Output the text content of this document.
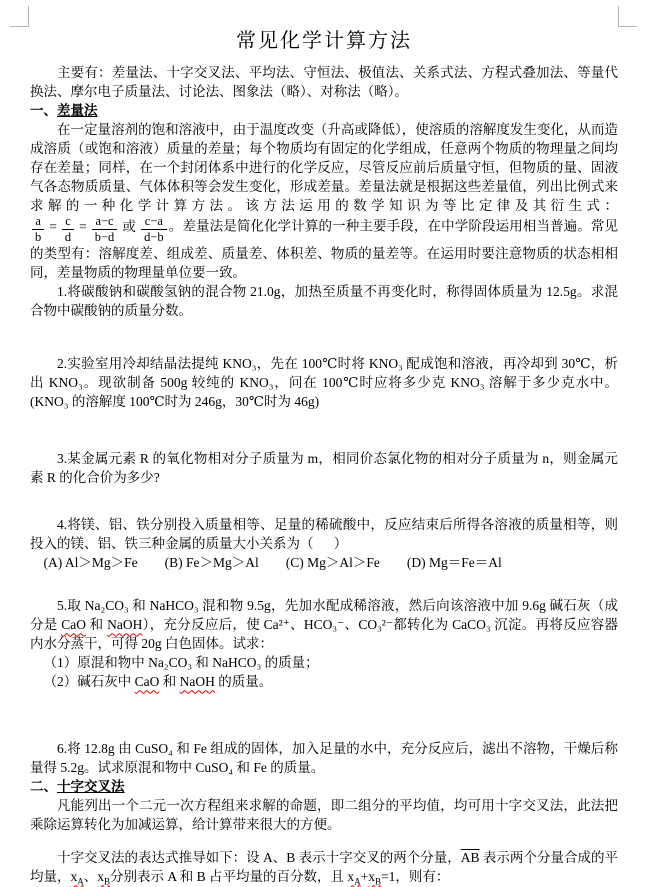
常见化学计算方法

主要有：差量法、十字交叉法、平均法、守恒法、极值法、关系式法、方程式叠加法、等量代换法、摩尔电子质量法、讨论法、图象法（略）、对称法（略）。

一、差量法

在一定量溶剂的饱和溶液中，由于温度改变（升高或降低），使溶质的溶解度发生变化，从而造成溶质（或饱和溶液）质量的差量；每个物质均有固定的化学组成，任意两个物质的物理量之间均存在差量；同样，在一个封闭体系中进行的化学反应，尽管反应前后质量守恒，但物质的量、固液气各态物质质量、气体体积等会发生变化，形成差量。差量法就是根据这些差量值，列出比例式来求解的一种化学计算方法。该方法运用的数学知识为等比定律及其衍生式：
$\frac{a}{b} = \frac{c}{d} = \frac{a-c}{b-d}$ 或 $\frac{c-a}{d-b}$ 。差量法是简化化学计算的一种主要手段，在中学阶段运用相当普遍。常见的类型有：溶解度差、组成差、质量差、体积差、物质的量差等。在运用时要注意物质的状态相相同，差量物质的物理量单位要一致。

1.将碳酸钠和碳酸氢钠的混合物 21.0g，加热至质量不再变化时，称得固体质量为 12.5g。求混合物中碳酸钠的质量分数。

2.实验室用冷却结晶法提纯 KNO₃，先在 100℃时将 KNO₃ 配成饱和溶液，再冷却到 30℃，析出 KNO₃。现欲制备 500g 较纯的 KNO₃，问在 100℃时应将多少克 KNO₃ 溶解于多少克水中。(KNO₃ 的溶解度 100℃时为 246g，30℃时为 46g)

3.某金属元素 R 的氧化物相对分子质量为 m，相同价态氯化物的相对分子质量为 n，则金属元素 R 的化合价为多少?

4.将镁、铝、铁分别投入质量相等、足量的稀硫酸中，反应结束后所得各溶液的质量相等，则投入的镁、铝、铁三种金属的质量大小关系为（      ）

(A) Al＞Mg＞Fe        (B) Fe＞Mg＞Al        (C) Mg＞Al＞Fe        (D) Mg＝Fe＝Al

5.取 Na₂CO₃ 和 NaHCO₃ 混和物 9.5g，先加水配成稀溶液，然后向该溶液中加 9.6g 碱石灰（成分是 CaO 和 NaOH），充分反应后，使 Ca²⁺、HCO₃⁻、CO₃²⁻都转化为 CaCO₃ 沉淀。再将反应容器内水分蒸干，可得 20g 白色固体。试求：

（1）原混和物中 Na₂CO₃ 和 NaHCO₃ 的质量；

（2）碱石灰中 CaO 和 NaOH 的质量。

6.将 12.8g 由 CuSO₄ 和 Fe 组成的固体，加入足量的水中，充分反应后，滤出不溶物，干燥后称量得 5.2g。试求原混和物中 CuSO₄ 和 Fe 的质量。

二、十字交叉法

凡能列出一个二元一次方程组来求解的命题，即二组分的平均值，均可用十字交叉法，此法把乘除运算转化为加减运算，给计算带来很大的方便。

十字交叉法的表达式推导如下：设 A、B 表示十字交叉的两个分量，$\overline{AB}$ 表示两个分量合成的平均量，$x_A$、$x_B$分别表示 A 和 B 占平均量的百分数，且 $x_A+x_B=1$，则有：
